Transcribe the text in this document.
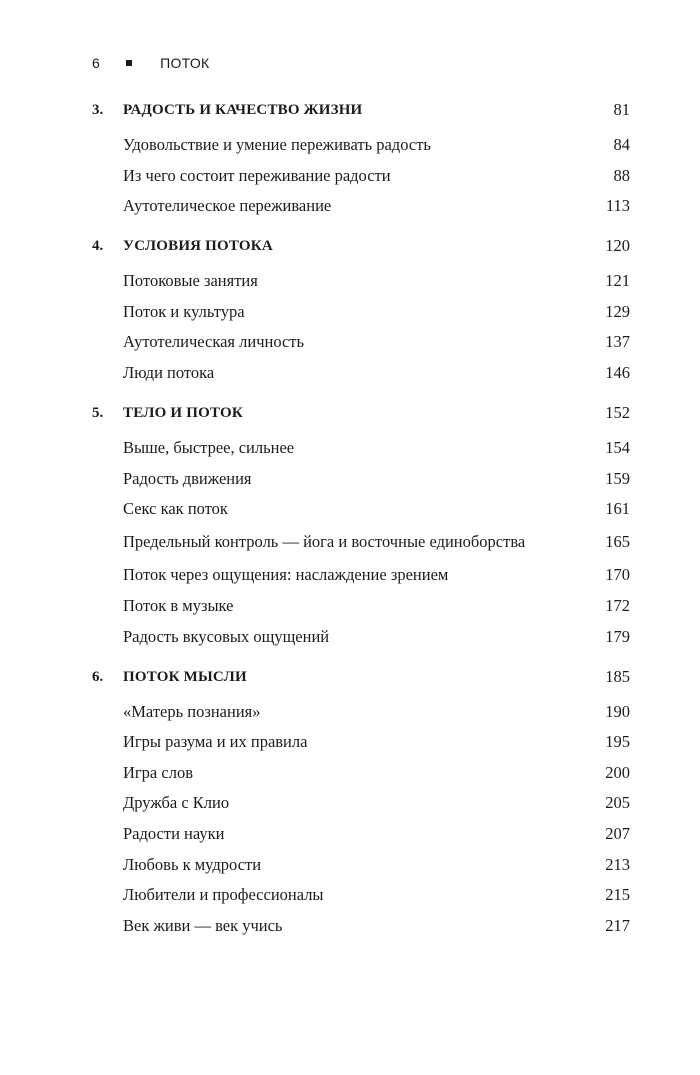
6	ПОТОК
3. РАДОСТЬ И КАЧЕСТВО ЖИЗНИ	81
Удовольствие и умение переживать радость	84
Из чего состоит переживание радости	88
Аутотелическое переживание	113
4. УСЛОВИЯ ПОТОКА	120
Потоковые занятия	121
Поток и культура	129
Аутотелическая личность	137
Люди потока	146
5. ТЕЛО И ПОТОК	152
Выше, быстрее, сильнее	154
Радость движения	159
Секс как поток	161
Предельный контроль — йога и восточные единоборства	165
Поток через ощущения: наслаждение зрением	170
Поток в музыке	172
Радость вкусовых ощущений	179
6. ПОТОК МЫСЛИ	185
«Матерь познания»	190
Игры разума и их правила	195
Игра слов	200
Дружба с Клио	205
Радости науки	207
Любовь к мудрости	213
Любители и профессионалы	215
Век живи — век учись	217
